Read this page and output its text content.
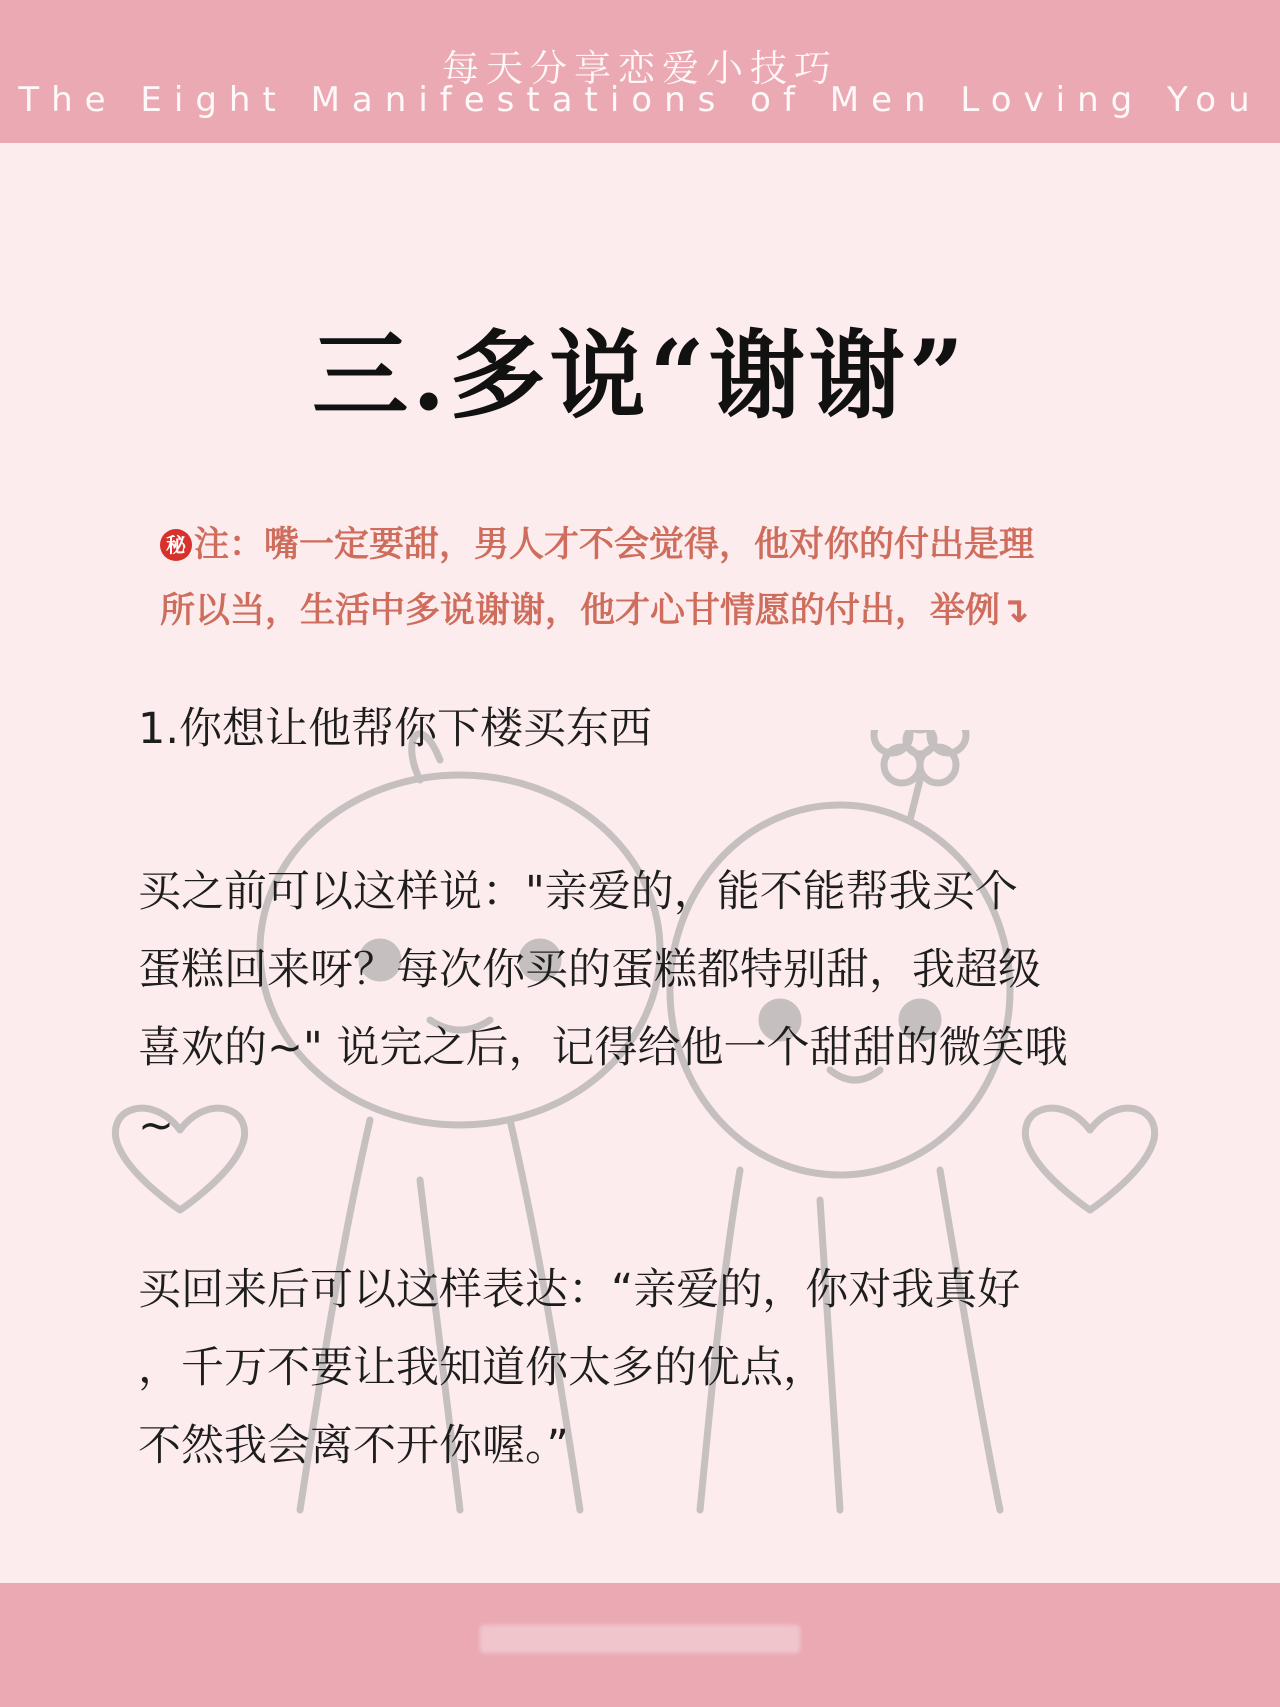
每天分享恋爱小技巧
The Eight Manifestations of Men Loving You
三.多说“谢谢”
秘 注：嘴一定要甜，男人才不会觉得，他对你的付出是理
所以当，生活中多说谢谢，他才心甘情愿的付出，举例↴
1.你想让他帮你下楼买东西
买之前可以这样说："亲爱的，能不能帮我买个
蛋糕回来呀？每次你买的蛋糕都特别甜，我超级
喜欢的~" 说完之后，记得给他一个甜甜的微笑哦
~
买回来后可以这样表达：“亲爱的，你对我真好
，千万不要让我知道你太多的优点，
不然我会离不开你喔。”
